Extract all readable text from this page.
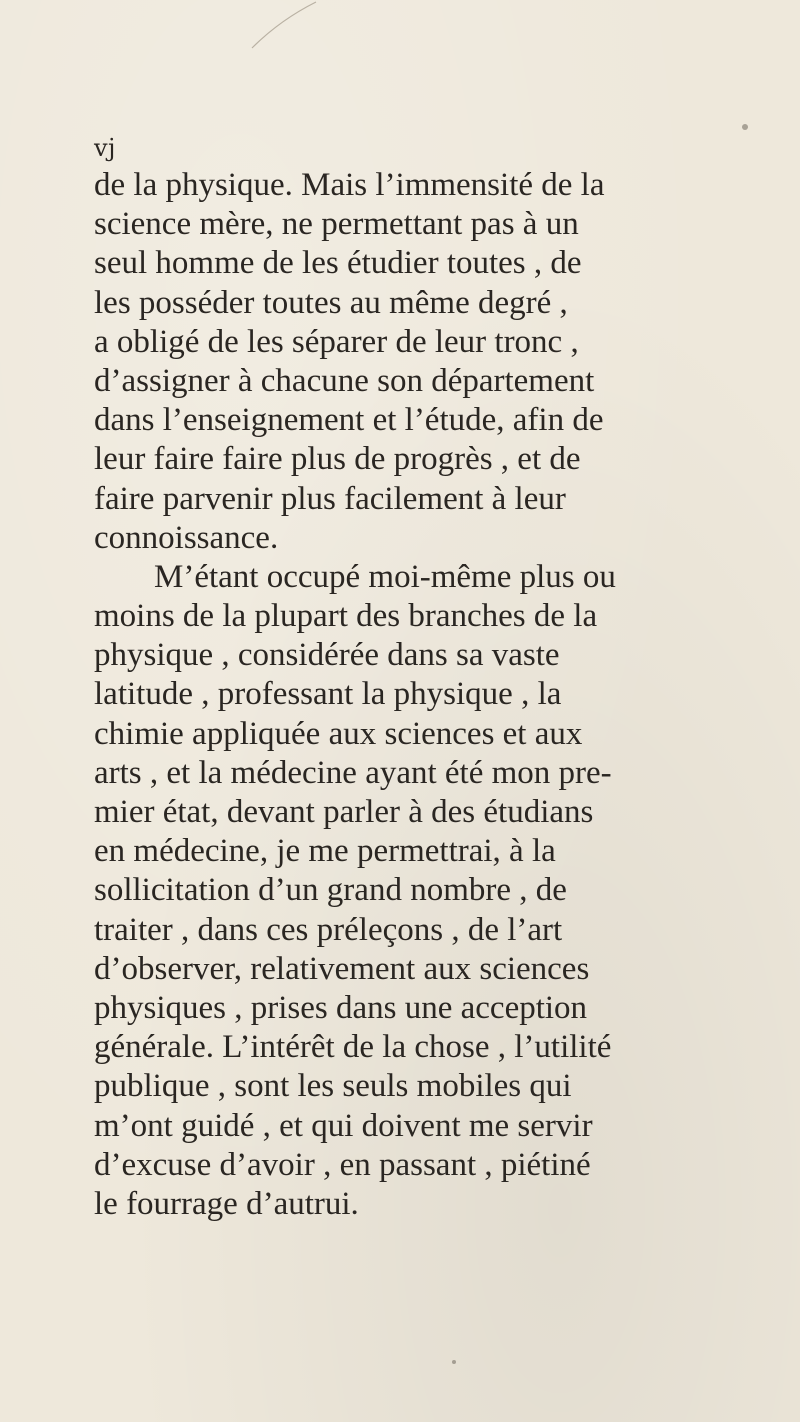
vj
de la physique. Mais l’immensité de la
science mère, ne permettant pas à un
seul homme de les étudier toutes , de
les posséder toutes au même degré ,
a obligé de les séparer de leur tronc ,
d’assigner à chacune son département
dans l’enseignement et l’étude, afin de
leur faire faire plus de progrès , et de
faire parvenir plus facilement à leur
connoissance.
M’étant occupé moi-même plus ou
moins de la plupart des branches de la
physique , considérée dans sa vaste
latitude , professant la physique , la
chimie appliquée aux sciences et aux
arts , et la médecine ayant été mon pre-
mier état, devant parler à des étudians
en médecine, je me permettrai, à la
sollicitation d’un grand nombre , de
traiter , dans ces préleçons , de l’art
d’observer, relativement aux sciences
physiques , prises dans une acception
générale. L’intérêt de la chose , l’utilité
publique , sont les seuls mobiles qui
m’ont guidé , et qui doivent me servir
d’excuse d’avoir , en passant , piétiné
le fourrage d’autrui.
